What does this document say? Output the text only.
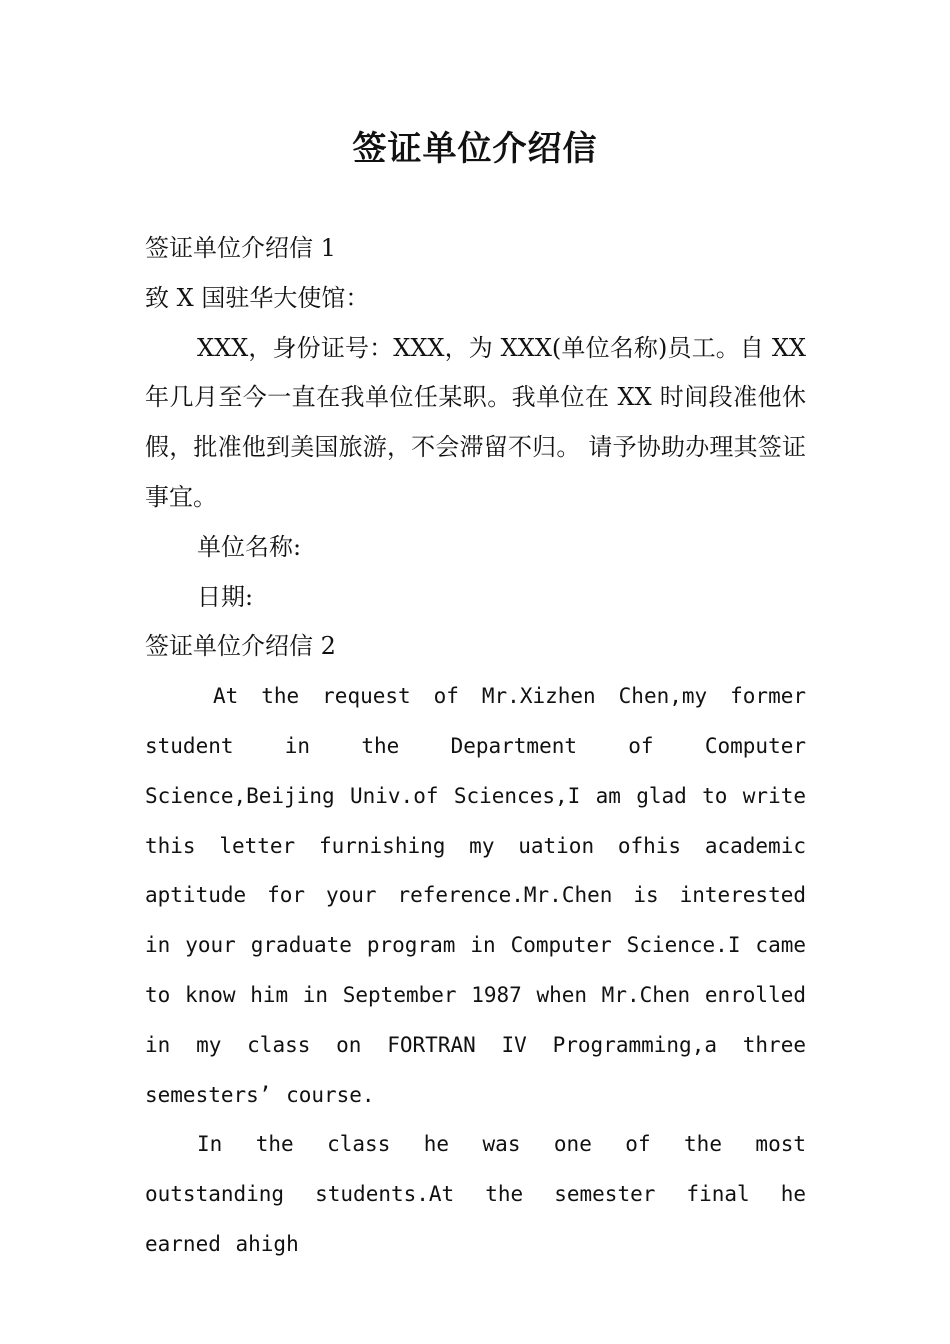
签证单位介绍信
签证单位介绍信 1
致 X 国驻华大使馆：
XXX，身份证号：XXX，为 XXX(单位名称)员工。自 XX 年几月至今一直在我单位任某职。我单位在 XX 时间段准他休假，批准他到美国旅游，不会滞留不归。 请予协助办理其签证事宜。
单位名称:
日期:
签证单位介绍信 2
At the request of Mr.Xizhen Chen,my former student in the Department of Computer Science,Beijing Univ.of Sciences,I am glad to write this letter furnishing my uation ofhis academic aptitude for your reference.Mr.Chen is interested in your graduate program in Computer Science.I came to know him in September 1987 when Mr.Chen enrolled in my class on FORTRAN IV Programming,a three semesters’ course.
In the class he was one of the most outstanding students.At the semester final he earned ahigh
